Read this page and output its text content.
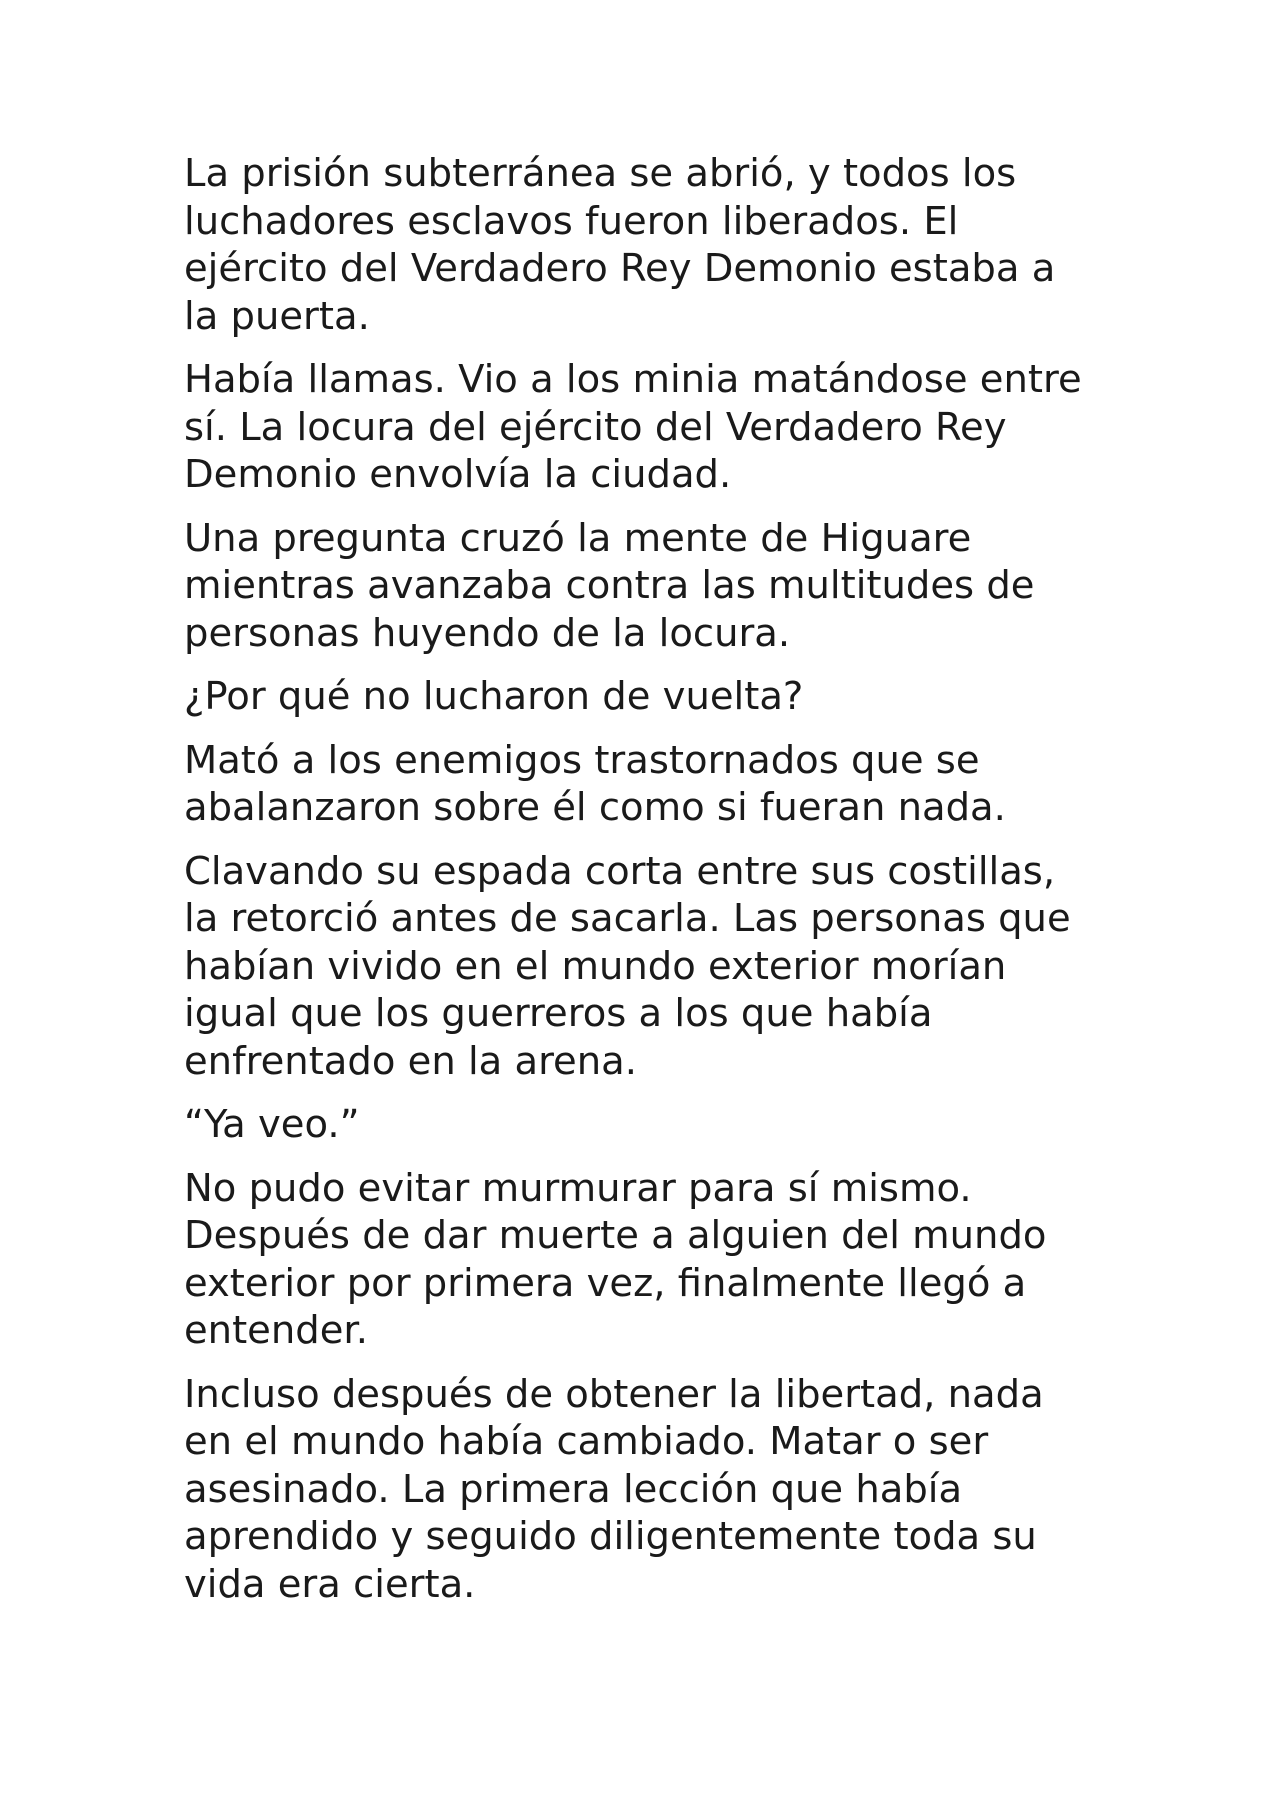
La prisión subterránea se abrió, y todos los
luchadores esclavos fueron liberados. El
ejército del Verdadero Rey Demonio estaba a
la puerta.

Había llamas. Vio a los minia matándose entre
sí. La locura del ejército del Verdadero Rey
Demonio envolvía la ciudad.

Una pregunta cruzó la mente de Higuare
mientras avanzaba contra las multitudes de
personas huyendo de la locura.

¿Por qué no lucharon de vuelta?

Mató a los enemigos trastornados que se
abalanzaron sobre él como si fueran nada.

Clavando su espada corta entre sus costillas,
la retorció antes de sacarla. Las personas que
habían vivido en el mundo exterior morían
igual que los guerreros a los que había
enfrentado en la arena.

“Ya veo.”

No pudo evitar murmurar para sí mismo.
Después de dar muerte a alguien del mundo
exterior por primera vez, finalmente llegó a
entender.

Incluso después de obtener la libertad, nada
en el mundo había cambiado. Matar o ser
asesinado. La primera lección que había
aprendido y seguido diligentemente toda su
vida era cierta.
